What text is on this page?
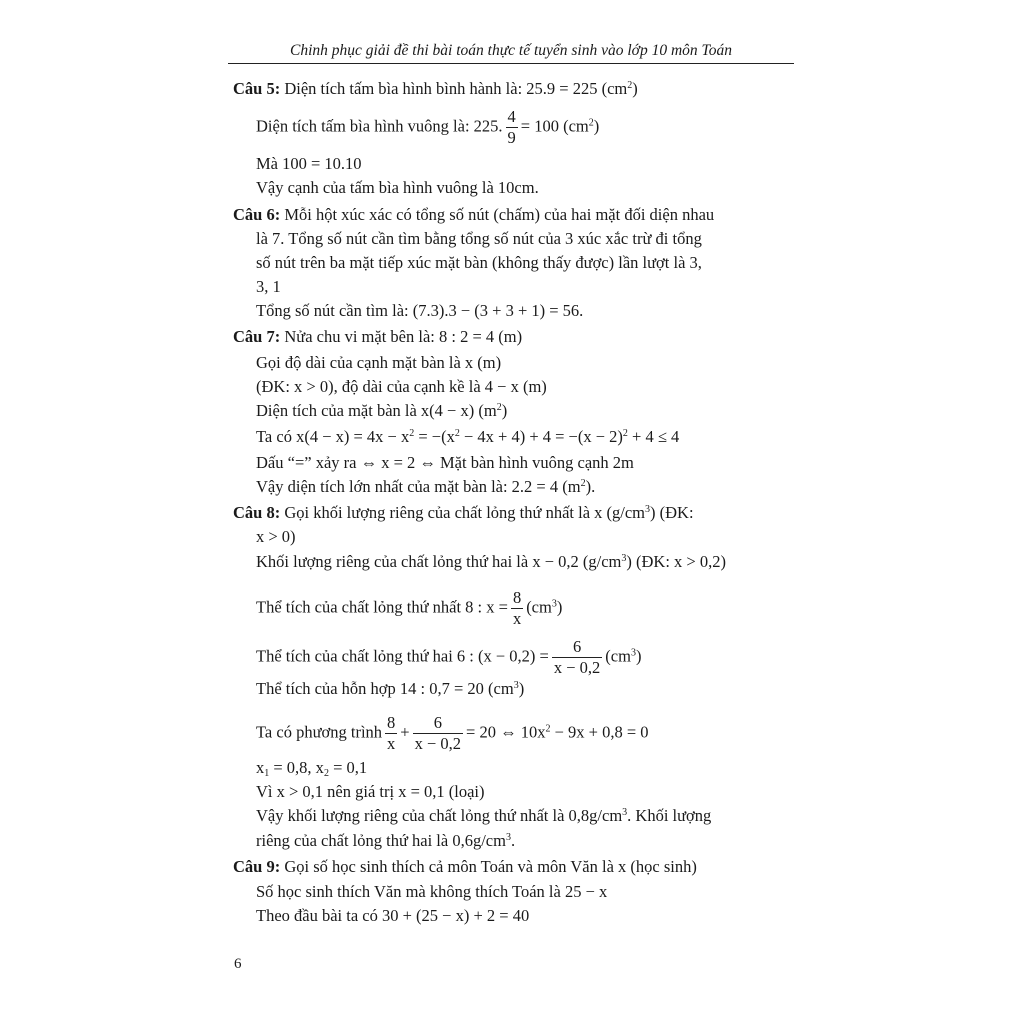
Chinh phục giải đề thi bài toán thực tế tuyển sinh vào lớp 10 môn Toán
Câu 5: Diện tích tấm bìa hình bình hành là: 25.9 = 225 $(cm^2)$
Diện tích tấm bìa hình vuông là: 225. $\frac{4}{9} = 100$ $(cm^2)$
Mà 100 = 10.10
Vậy cạnh của tấm bìa hình vuông là 10cm.
Câu 6: Mỗi hột xúc xác có tổng số nút (chấm) của hai mặt đối diện nhau
là 7. Tổng số nút cần tìm bằng tổng số nút của 3 xúc xắc trừ đi tổng
số nút trên ba mặt tiếp xúc mặt bàn (không thấy được) lần lượt là 3,
3, 1
Tổng số nút cần tìm là: (7.3).3 − (3 + 3 + 1) = 56.
Câu 7: Nửa chu vi mặt bên là: 8 : 2 = 4 (m)
Gọi độ dài của cạnh mặt bàn là x (m)
(ĐK: x > 0), độ dài của cạnh kề là 4 − x (m)
Diện tích của mặt bàn là x(4 − x) $(m^2)$
Ta có $x(4 - x) = 4x - x^2 = -(x^2 - 4x + 4) + 4 = -(x - 2)^2 + 4 \le 4$
Dấu “=” xảy ra ⇔ x = 2 ⇔ Mặt bàn hình vuông cạnh 2m
Vậy diện tích lớn nhất của mặt bàn là: 2.2 = 4 $(m^2)$.
Câu 8: Gọi khối lượng riêng của chất lỏng thứ nhất là x $(g/cm^3)$ (ĐK:
x > 0)
Khối lượng riêng của chất lỏng thứ hai là x − 0,2 $(g/cm^3)$ (ĐK: x > 0,2)
Thể tích của chất lỏng thứ nhất 8 : $x = \frac{8}{x} (cm^3)$
Thể tích của chất lỏng thứ hai 6 : $(x - 0,2) = \frac{6}{x - 0,2} (cm^3)$
Thể tích của hỗn hợp 14 : 0,7 = 20 $(cm^3)$
Ta có phương trình $\frac{8}{x} + \frac{6}{x - 0,2} = 20$ ⇔ $10x^2 - 9x + 0,8 = 0$
$x_1 = 0,8$, $x_2 = 0,1$
Vì x > 0,1 nên giá trị x = 0,1 (loại)
Vậy khối lượng riêng của chất lỏng thứ nhất là $0,8g/cm^3$. Khối lượng
riêng của chất lỏng thứ hai là $0,6g/cm^3$.
Câu 9: Gọi số học sinh thích cả môn Toán và môn Văn là x (học sinh)
Số học sinh thích Văn mà không thích Toán là 25 − x
Theo đầu bài ta có 30 + (25 − x) + 2 = 40
6
